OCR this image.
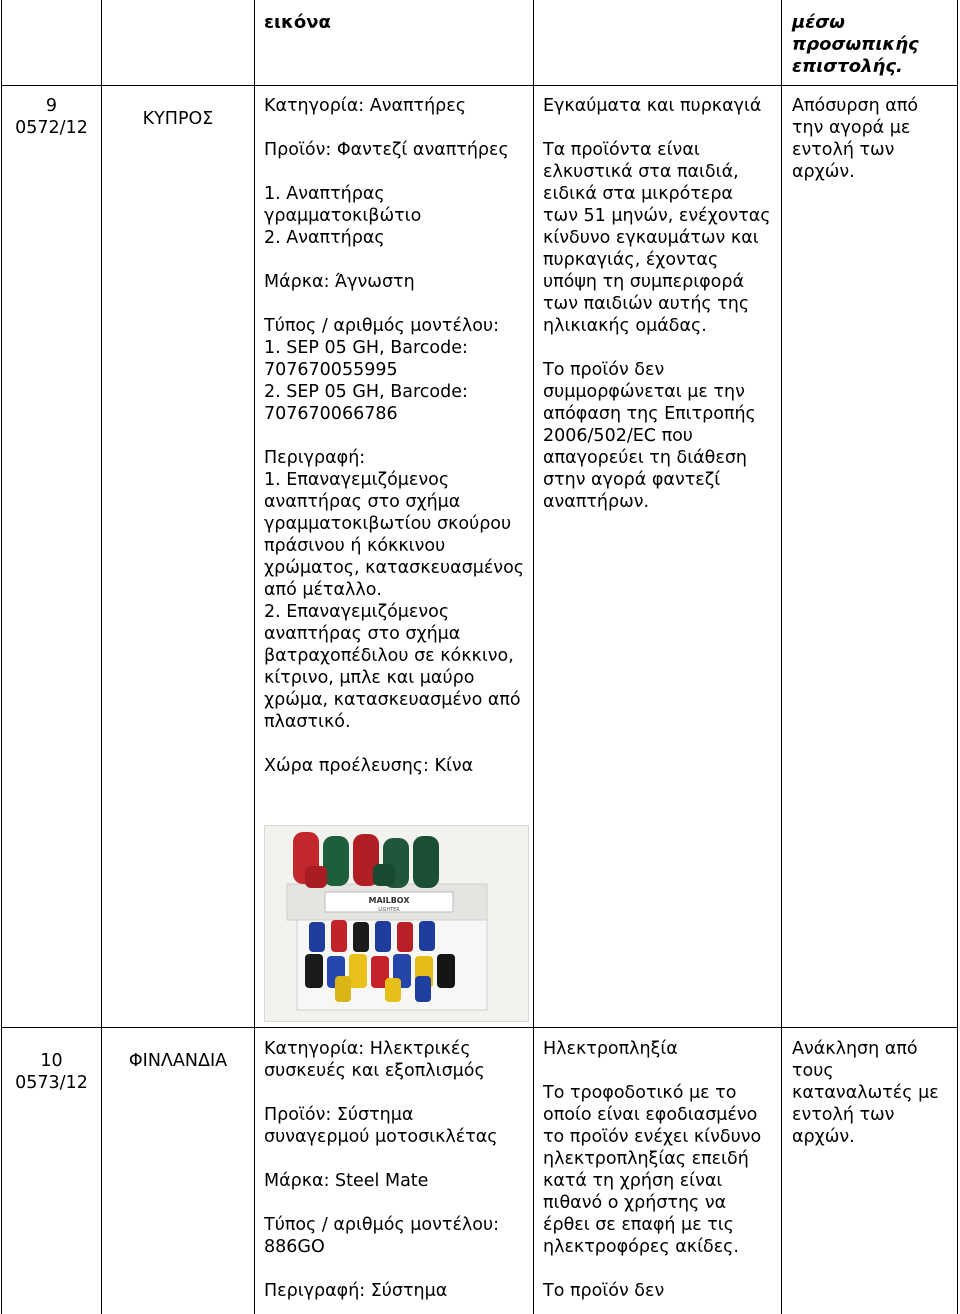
εικόνα	μέσω προσωπικής επιστολής.

9

0572/12	ΚΥΠΡΟΣ

Κατηγορία: Αναπτήρες

Προϊόν: Φαντεζί αναπτήρες

1. Αναπτήρας γραμματοκιβώτιο

2. Αναπτήρας

Μάρκα: Άγνωστη

Τύπος / αριθμός μοντέλου:

1. SEP 05 GH, Barcode: 707670055995

2. SEP 05 GH, Barcode: 707670066786

Περιγραφή:

1. Επαναγεμιζόμενος αναπτήρας στο σχήμα γραμματοκιβωτίου σκούρου πράσινου ή κόκκινου χρώματος, κατασκευασμένος από μέταλλο.

2. Επαναγεμιζόμενος αναπτήρας στο σχήμα βατραχοπέδιλου σε κόκκινο, κίτρινο, μπλε και μαύρο χρώμα, κατασκευασμένο από πλαστικό.

Χώρα προέλευσης: Κίνα

MAILBOX
LIGHTER

Εγκαύματα και πυρκαγιά

Τα προϊόντα είναι ελκυστικά στα παιδιά, ειδικά στα μικρότερα των 51 μηνών, ενέχοντας κίνδυνο εγκαυμάτων και πυρκαγιάς, έχοντας υπόψη τη συμπεριφορά των παιδιών αυτής της ηλικιακής ομάδας.

Το προϊόν δεν συμμορφώνεται με την απόφαση της Επιτροπής 2006/502/ΕC που απαγορεύει τη διάθεση στην αγορά φαντεζί αναπτήρων.

Απόσυρση από την αγορά με εντολή των αρχών.

10

0573/12

ΦΙΝΛΑΝΔΙΑ

Κατηγορία: Ηλεκτρικές συσκευές και εξοπλισμός

Προϊόν: Σύστημα συναγερμού μοτοσικλέτας

Μάρκα: Steel Mate

Τύπος / αριθμός μοντέλου: 886GO

Περιγραφή: Σύστημα

Ηλεκτροπληξία

Το τροφοδοτικό με το οποίο είναι εφοδιασμένο το προϊόν ενέχει κίνδυνο ηλεκτροπληξίας επειδή κατά τη χρήση είναι πιθανό ο χρήστης να έρθει σε επαφή με τις ηλεκτροφόρες ακίδες.

Το προϊόν δεν

Ανάκληση από τους καταναλωτές με εντολή των αρχών.
